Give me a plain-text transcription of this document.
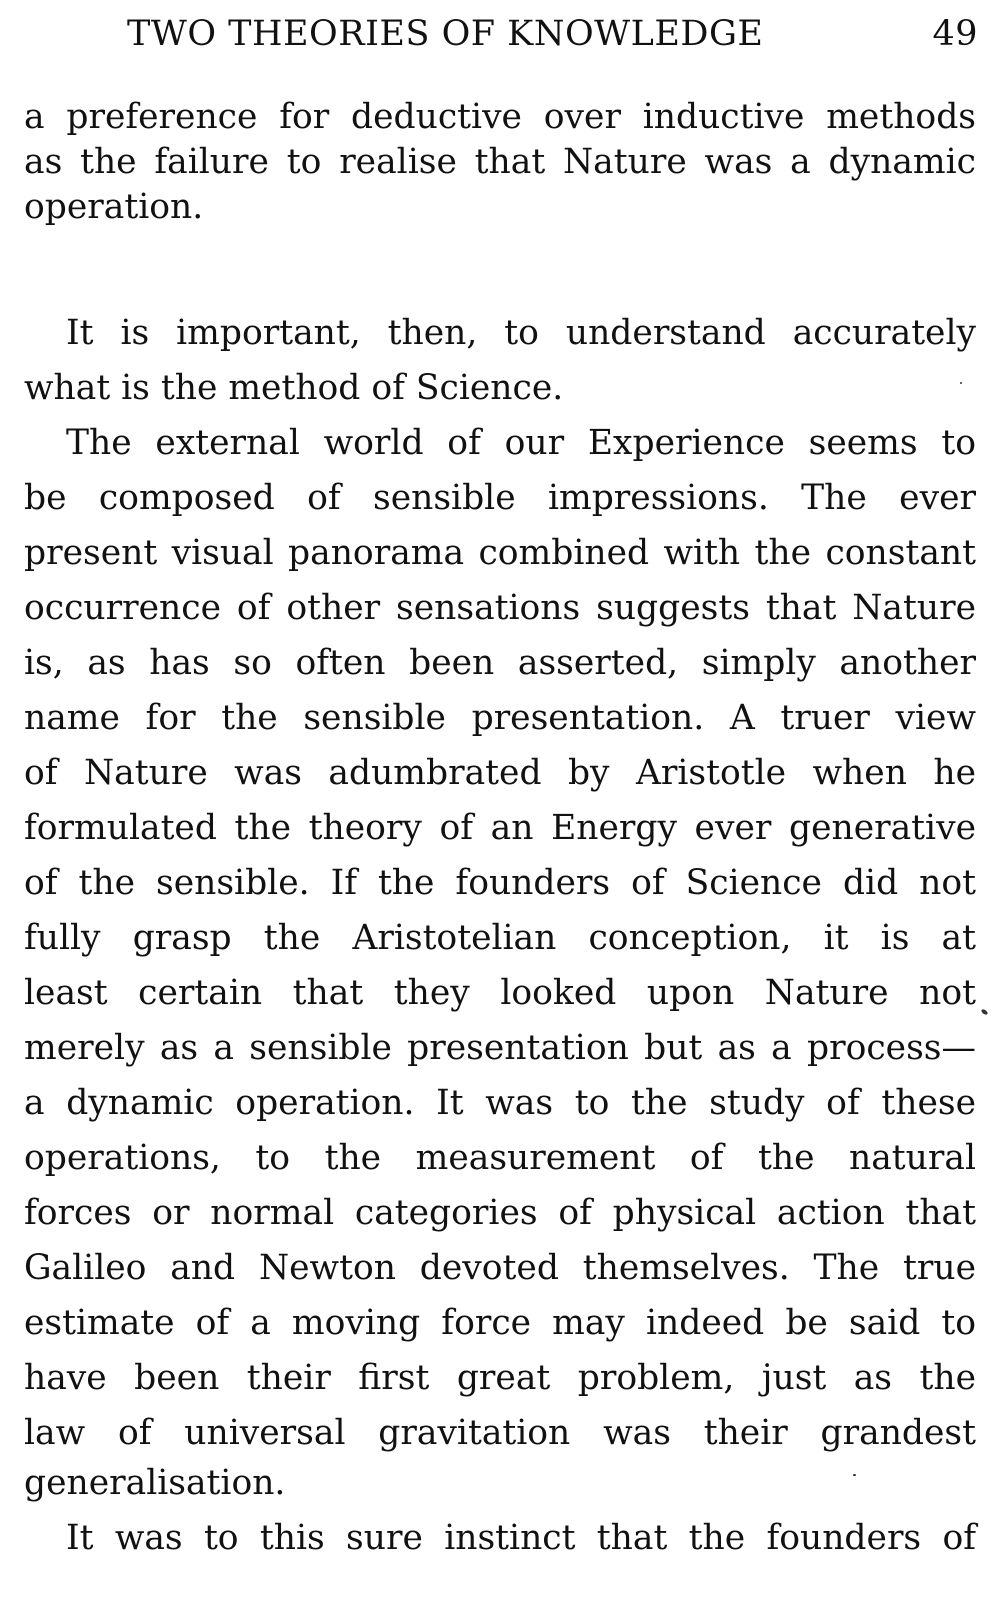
TWO THEORIES OF KNOWLEDGE	49
a preference for deductive over inductive methods
as the failure to realise that Nature was a dynamic
operation.
It is important, then, to understand accurately
what is the method of Science.
The external world of our Experience seems to
be composed of sensible impressions. The ever
present visual panorama combined with the constant
occurrence of other sensations suggests that Nature
is, as has so often been asserted, simply another
name for the sensible presentation. A truer view
of Nature was adumbrated by Aristotle when he
formulated the theory of an Energy ever generative
of the sensible. If the founders of Science did not
fully grasp the Aristotelian conception, it is at
least certain that they looked upon Nature not
merely as a sensible presentation but as a process—
a dynamic operation. It was to the study of these
operations, to the measurement of the natural
forces or normal categories of physical action that
Galileo and Newton devoted themselves. The true
estimate of a moving force may indeed be said to
have been their first great problem, just as the
law of universal gravitation was their grandest
generalisation.
It was to this sure instinct that the founders of
